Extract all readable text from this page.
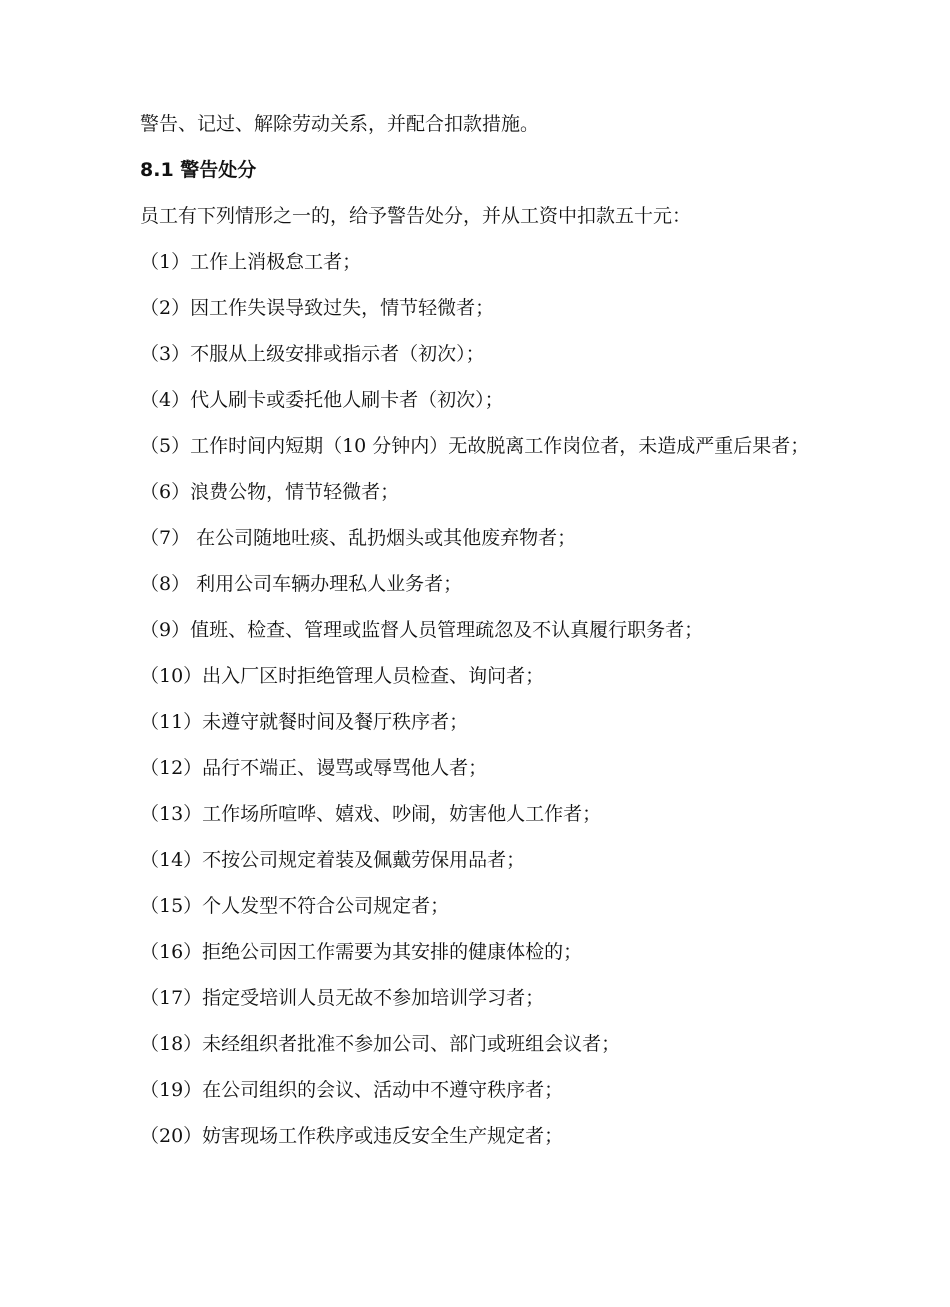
警告、记过、解除劳动关系，并配合扣款措施。

8.1 警告处分

员工有下列情形之一的，给予警告处分，并从工资中扣款五十元：

（1）工作上消极怠工者；

（2）因工作失误导致过失，情节轻微者；

（3）不服从上级安排或指示者（初次）；

（4）代人刷卡或委托他人刷卡者（初次）；

（5）工作时间内短期（10 分钟内）无故脱离工作岗位者，未造成严重后果者；

（6）浪费公物，情节轻微者；

（7） 在公司随地吐痰、乱扔烟头或其他废弃物者；

（8） 利用公司车辆办理私人业务者；

（9）值班、检查、管理或监督人员管理疏忽及不认真履行职务者；

（10）出入厂区时拒绝管理人员检查、询问者；

（11）未遵守就餐时间及餐厅秩序者；

（12）品行不端正、谩骂或辱骂他人者；

（13）工作场所喧哗、嬉戏、吵闹，妨害他人工作者；

（14）不按公司规定着装及佩戴劳保用品者；

（15）个人发型不符合公司规定者；

（16）拒绝公司因工作需要为其安排的健康体检的；

（17）指定受培训人员无故不参加培训学习者；

（18）未经组织者批准不参加公司、部门或班组会议者；

（19）在公司组织的会议、活动中不遵守秩序者；

（20）妨害现场工作秩序或违反安全生产规定者；
